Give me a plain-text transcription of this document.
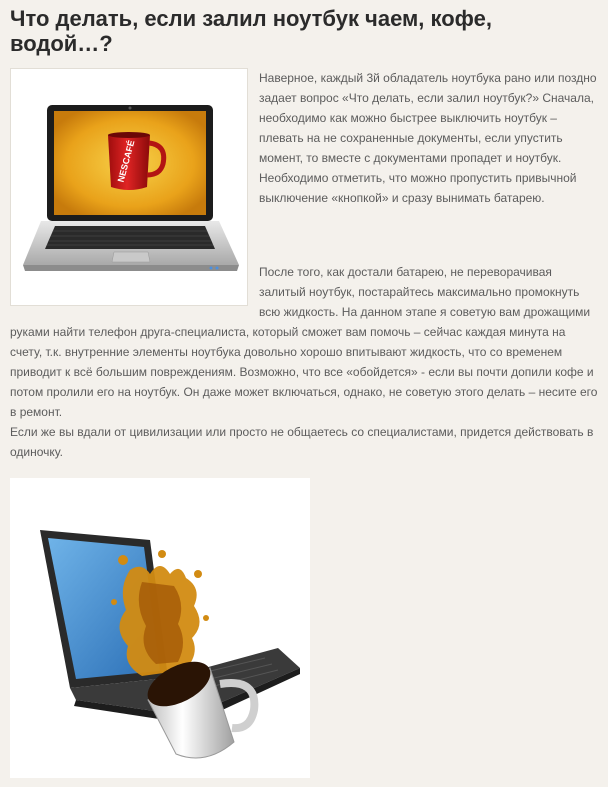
Что делать, если залил ноутбук чаем, кофе, водой…?
NESCAFÉ

Наверное, каждый 3й обладатель ноутбука рано или поздно задает вопрос «Что делать, если залил ноутбук?» Сначала, необходимо как можно быстрее выключить ноутбук – плевать на не сохраненные документы, если упустить момент, то вместе с документами пропадет и ноутбук. Необходимо отметить, что можно пропустить привычной выключение «кнопкой» и сразу вынимать батарею.

После того, как достали батарею, не переворачивая залитый ноутбук, постарайтесь максимально промокнуть всю жидкость. На данном этапе я советую вам дрожащими

руками найти телефон друга-специалиста, который сможет вам помочь – сейчас каждая минута на счету, т.к. внутренние элементы ноутбука довольно хорошо впитывают жидкость, что со временем приводит к всё большим повреждениям. Возможно, что все «обойдется» - если вы почти допили кофе и потом пролили его на ноутбук. Он даже может включаться, однако, не советую этого делать – несите его в ремонт.

Если же вы вдали от цивилизации или просто не общаетесь со специалистами, придется действовать в одиночку.
